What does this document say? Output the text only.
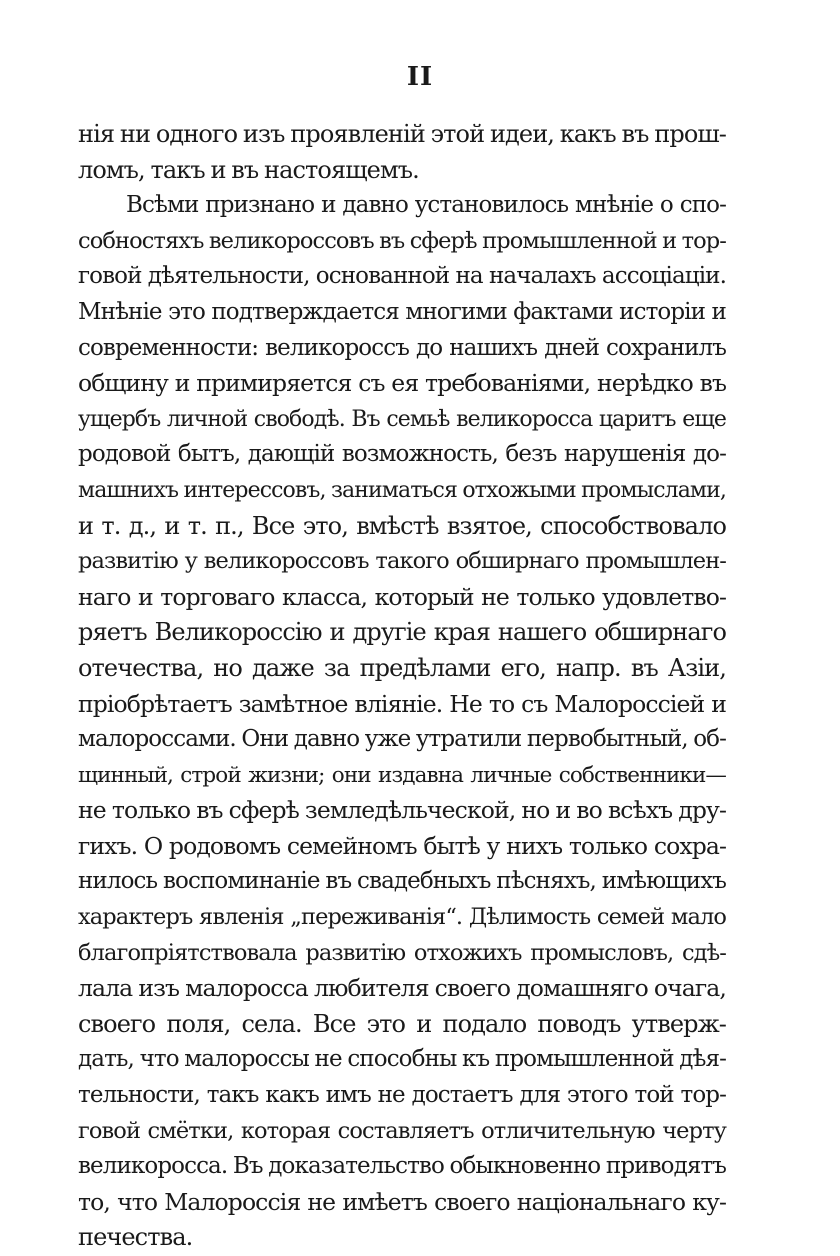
II
нія ни одного изъ проявленій этой идеи, какъ въ прош-
ломъ, такъ и въ настоящемъ.
Всѣми признано и давно установилось мнѣніе о спо-
собностяхъ великороссовъ въ сферѣ промышленной и тор-
говой дѣятельности, основанной на началахъ ассоціаціи.
Мнѣніе это подтверждается многими фактами исторіи и
современности: великороссъ до нашихъ дней сохранилъ
общину и примиряется съ ея требованіями, нерѣдко въ
ущербъ личной свободѣ. Въ семьѣ великоросса царитъ еще
родовой бытъ, дающій возможность, безъ нарушенія до-
машнихъ интерессовъ, заниматься отхожыми промыслами,
и т. д., и т. п., Все это, вмѣстѣ взятое, способствовало
развитію у великороссовъ такого обширнаго промышлен-
наго и торговаго класса, который не только удовлетво-
ряетъ Великороссію и другіе края нашего обширнаго
отечества, но даже за предѣлами его, напр. въ Азіи,
пріобрѣтаетъ замѣтное вліяніе. Не то съ Малороссіей и
малороссами. Они давно уже утратили первобытный, об-
щинный, строй жизни; они издавна личные собственники—
не только въ сферѣ земледѣльческой, но и во всѣхъ дру-
гихъ. О родовомъ семейномъ бытѣ у нихъ только сохра-
нилось воспоминаніе въ свадебныхъ пѣсняхъ, имѣющихъ
характеръ явленія „переживанія“. Дѣлимость семей мало
благопріятствовала развитію отхожихъ промысловъ, сдѣ-
лала изъ малоросса любителя своего домашняго очага,
своего поля, села. Все это и подало поводъ утверж-
дать, что малороссы не способны къ промышленной дѣя-
тельности, такъ какъ имъ не достаетъ для этого той тор-
говой смётки, которая составляетъ отличительную черту
великоросса. Въ доказательство обыкновенно приводятъ
то, что Малороссія не имѣетъ своего національнаго ку-
печества.
